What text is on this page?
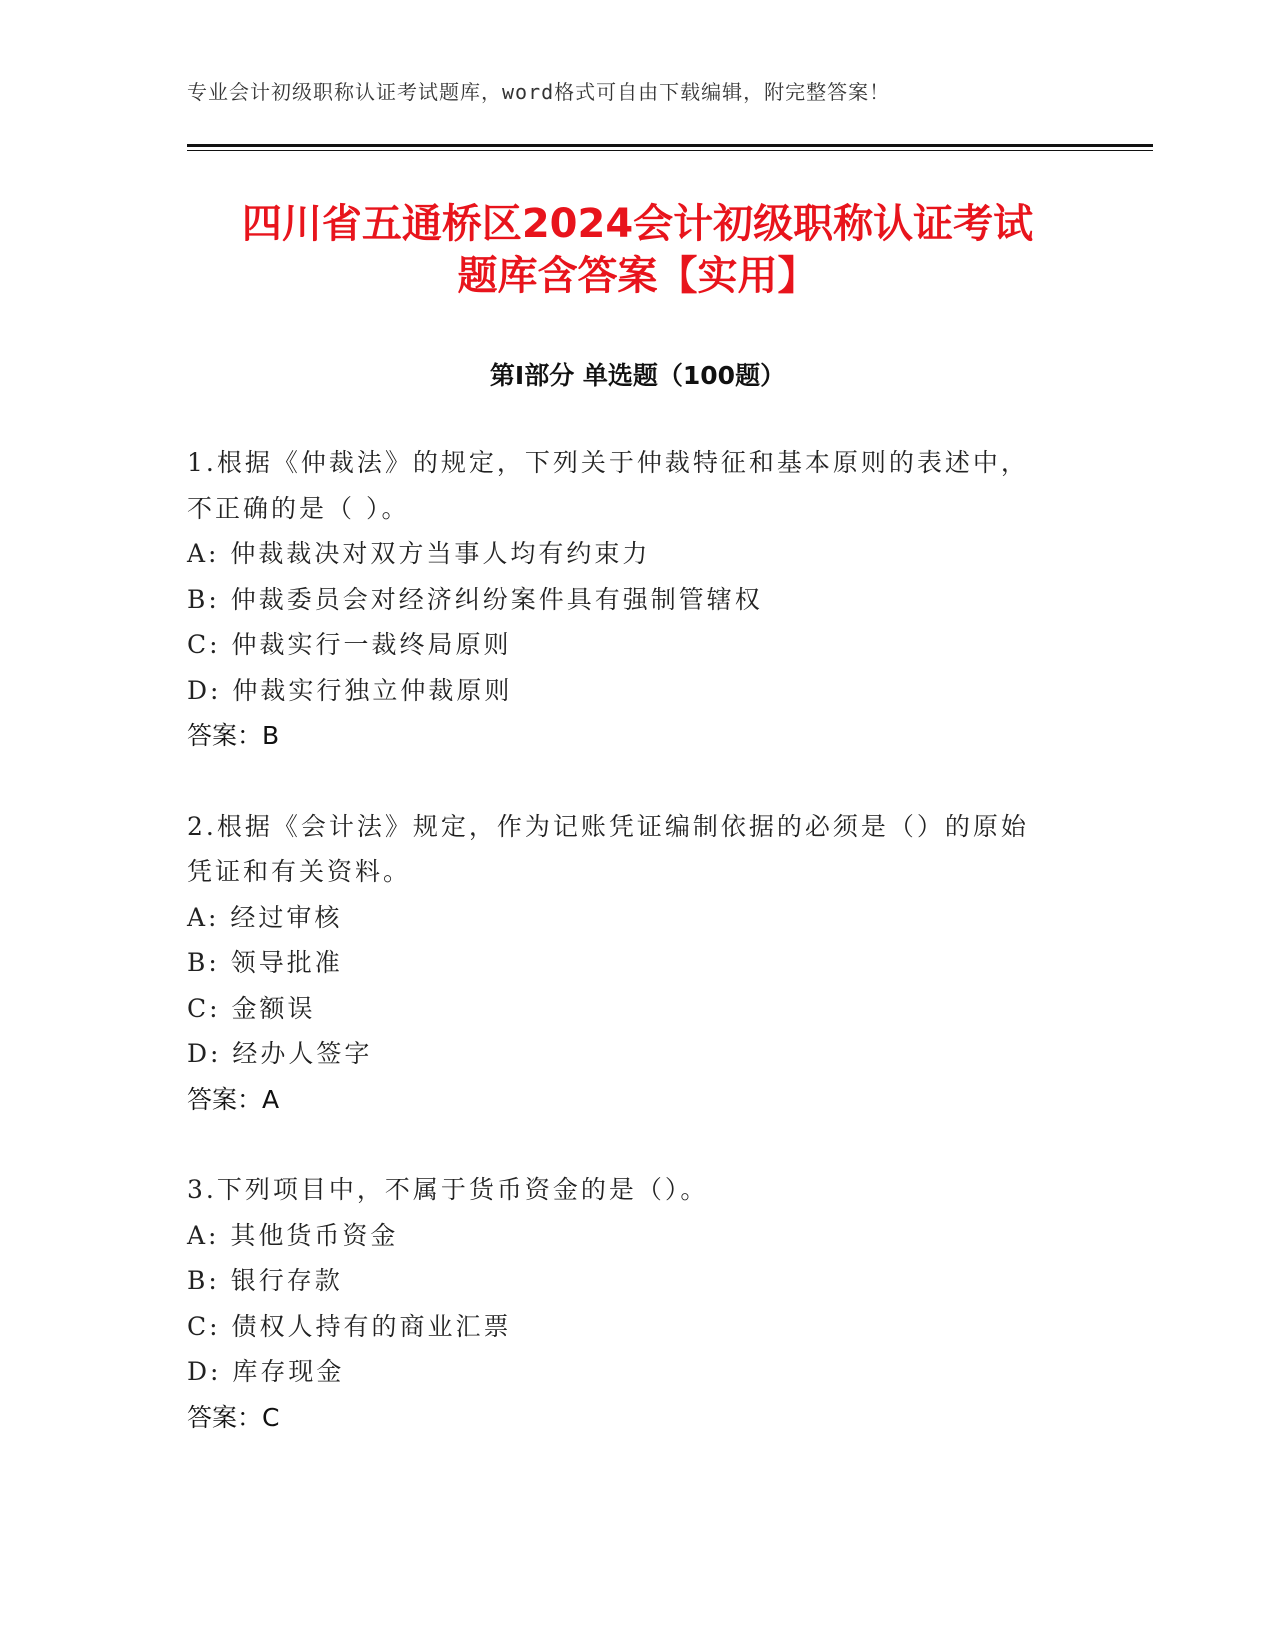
专业会计初级职称认证考试题库，word格式可自由下载编辑，附完整答案！
四川省五通桥区2024会计初级职称认证考试
题库含答案【实用】
第Ⅰ部分 单选题（100题）
1.根据《仲裁法》的规定，下列关于仲裁特征和基本原则的表述中，
不正确的是（ ）。
A: 仲裁裁决对双方当事人均有约束力
B: 仲裁委员会对经济纠纷案件具有强制管辖权
C: 仲裁实行一裁终局原则
D: 仲裁实行独立仲裁原则
答案：B
2.根据《会计法》规定，作为记账凭证编制依据的必须是（）的原始
凭证和有关资料。
A: 经过审核
B: 领导批准
C: 金额误
D: 经办人签字
答案：A
3.下列项目中，不属于货币资金的是（）。
A: 其他货币资金
B: 银行存款
C: 债权人持有的商业汇票
D: 库存现金
答案：C
